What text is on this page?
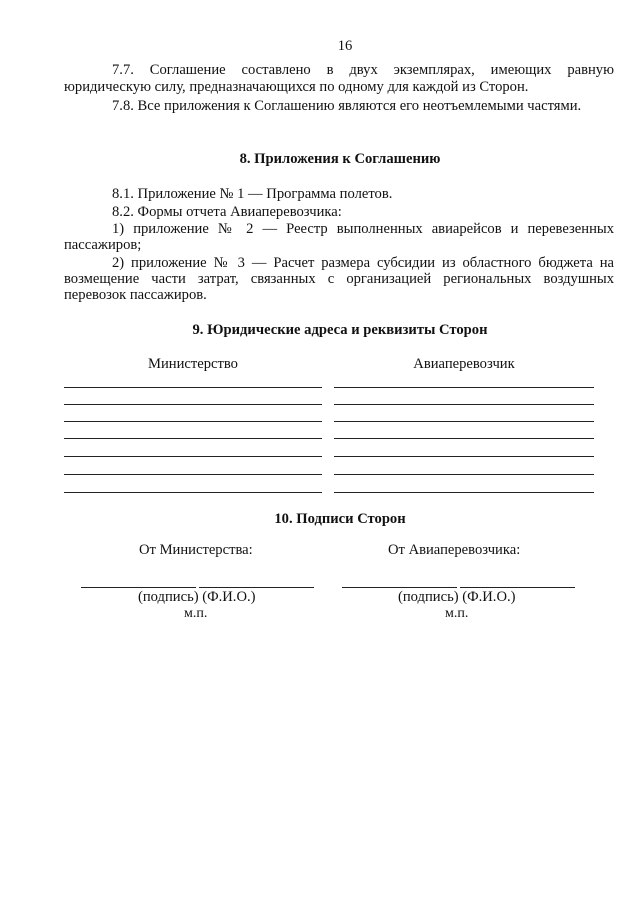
16
7.7. Соглашение составлено в двух экземплярах, имеющих равную
юридическую силу, предназначающихся по одному для каждой из Сторон.
7.8. Все приложения к Соглашению являются его неотъемлемыми частями.
8. Приложения к Соглашению
8.1. Приложение № 1 — Программа полетов.
8.2. Формы отчета Авиаперевозчика:
1) приложение № 2 — Реестр выполненных авиарейсов и перевезенных
пассажиров;
2) приложение № 3 — Расчет размера субсидии из областного бюджета на
возмещение части затрат, связанных с организацией региональных воздушных
перевозок пассажиров.
9. Юридические адреса и реквизиты Сторон
Министерство	Авиаперевозчик
10. Подписи Сторон
От Министерства:	От Авиаперевозчика:
(подпись) (Ф.И.О.)	(подпись) (Ф.И.О.)
м.п.	м.п.
